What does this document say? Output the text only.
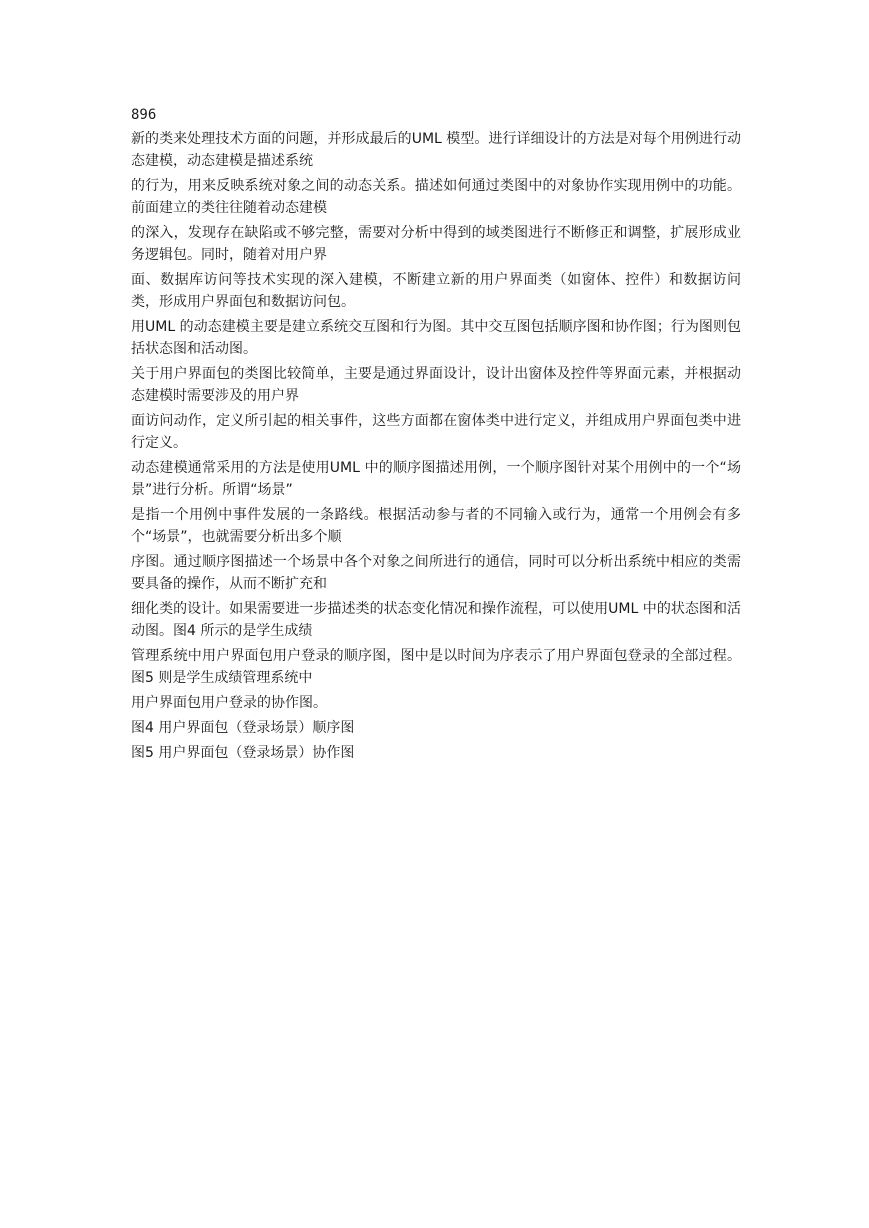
896

新的类来处理技术方面的问题，并形成最后的UML 模型。进行详细设计的方法是对每个用例进行动态建模，动态建模是描述系统

的行为，用来反映系统对象之间的动态关系。描述如何通过类图中的对象协作实现用例中的功能。前面建立的类往往随着动态建模

的深入，发现存在缺陷或不够完整，需要对分析中得到的域类图进行不断修正和调整，扩展形成业务逻辑包。同时，随着对用户界

面、数据库访问等技术实现的深入建模，不断建立新的用户界面类（如窗体、控件）和数据访问类，形成用户界面包和数据访问包。

用UML 的动态建模主要是建立系统交互图和行为图。其中交互图包括顺序图和协作图；行为图则包括状态图和活动图。

关于用户界面包的类图比较简单，主要是通过界面设计，设计出窗体及控件等界面元素，并根据动态建模时需要涉及的用户界

面访问动作，定义所引起的相关事件，这些方面都在窗体类中进行定义，并组成用户界面包类中进行定义。

动态建模通常采用的方法是使用UML 中的顺序图描述用例，一个顺序图针对某个用例中的一个“场景”进行分析。所谓“场景”

是指一个用例中事件发展的一条路线。根据活动参与者的不同输入或行为，通常一个用例会有多个“场景”，也就需要分析出多个顺

序图。通过顺序图描述一个场景中各个对象之间所进行的通信，同时可以分析出系统中相应的类需要具备的操作，从而不断扩充和

细化类的设计。如果需要进一步描述类的状态变化情况和操作流程，可以使用UML 中的状态图和活动图。图4 所示的是学生成绩

管理系统中用户界面包用户登录的顺序图，图中是以时间为序表示了用户界面包登录的全部过程。图5 则是学生成绩管理系统中

用户界面包用户登录的协作图。

图4 用户界面包（登录场景）顺序图

图5 用户界面包（登录场景）协作图
